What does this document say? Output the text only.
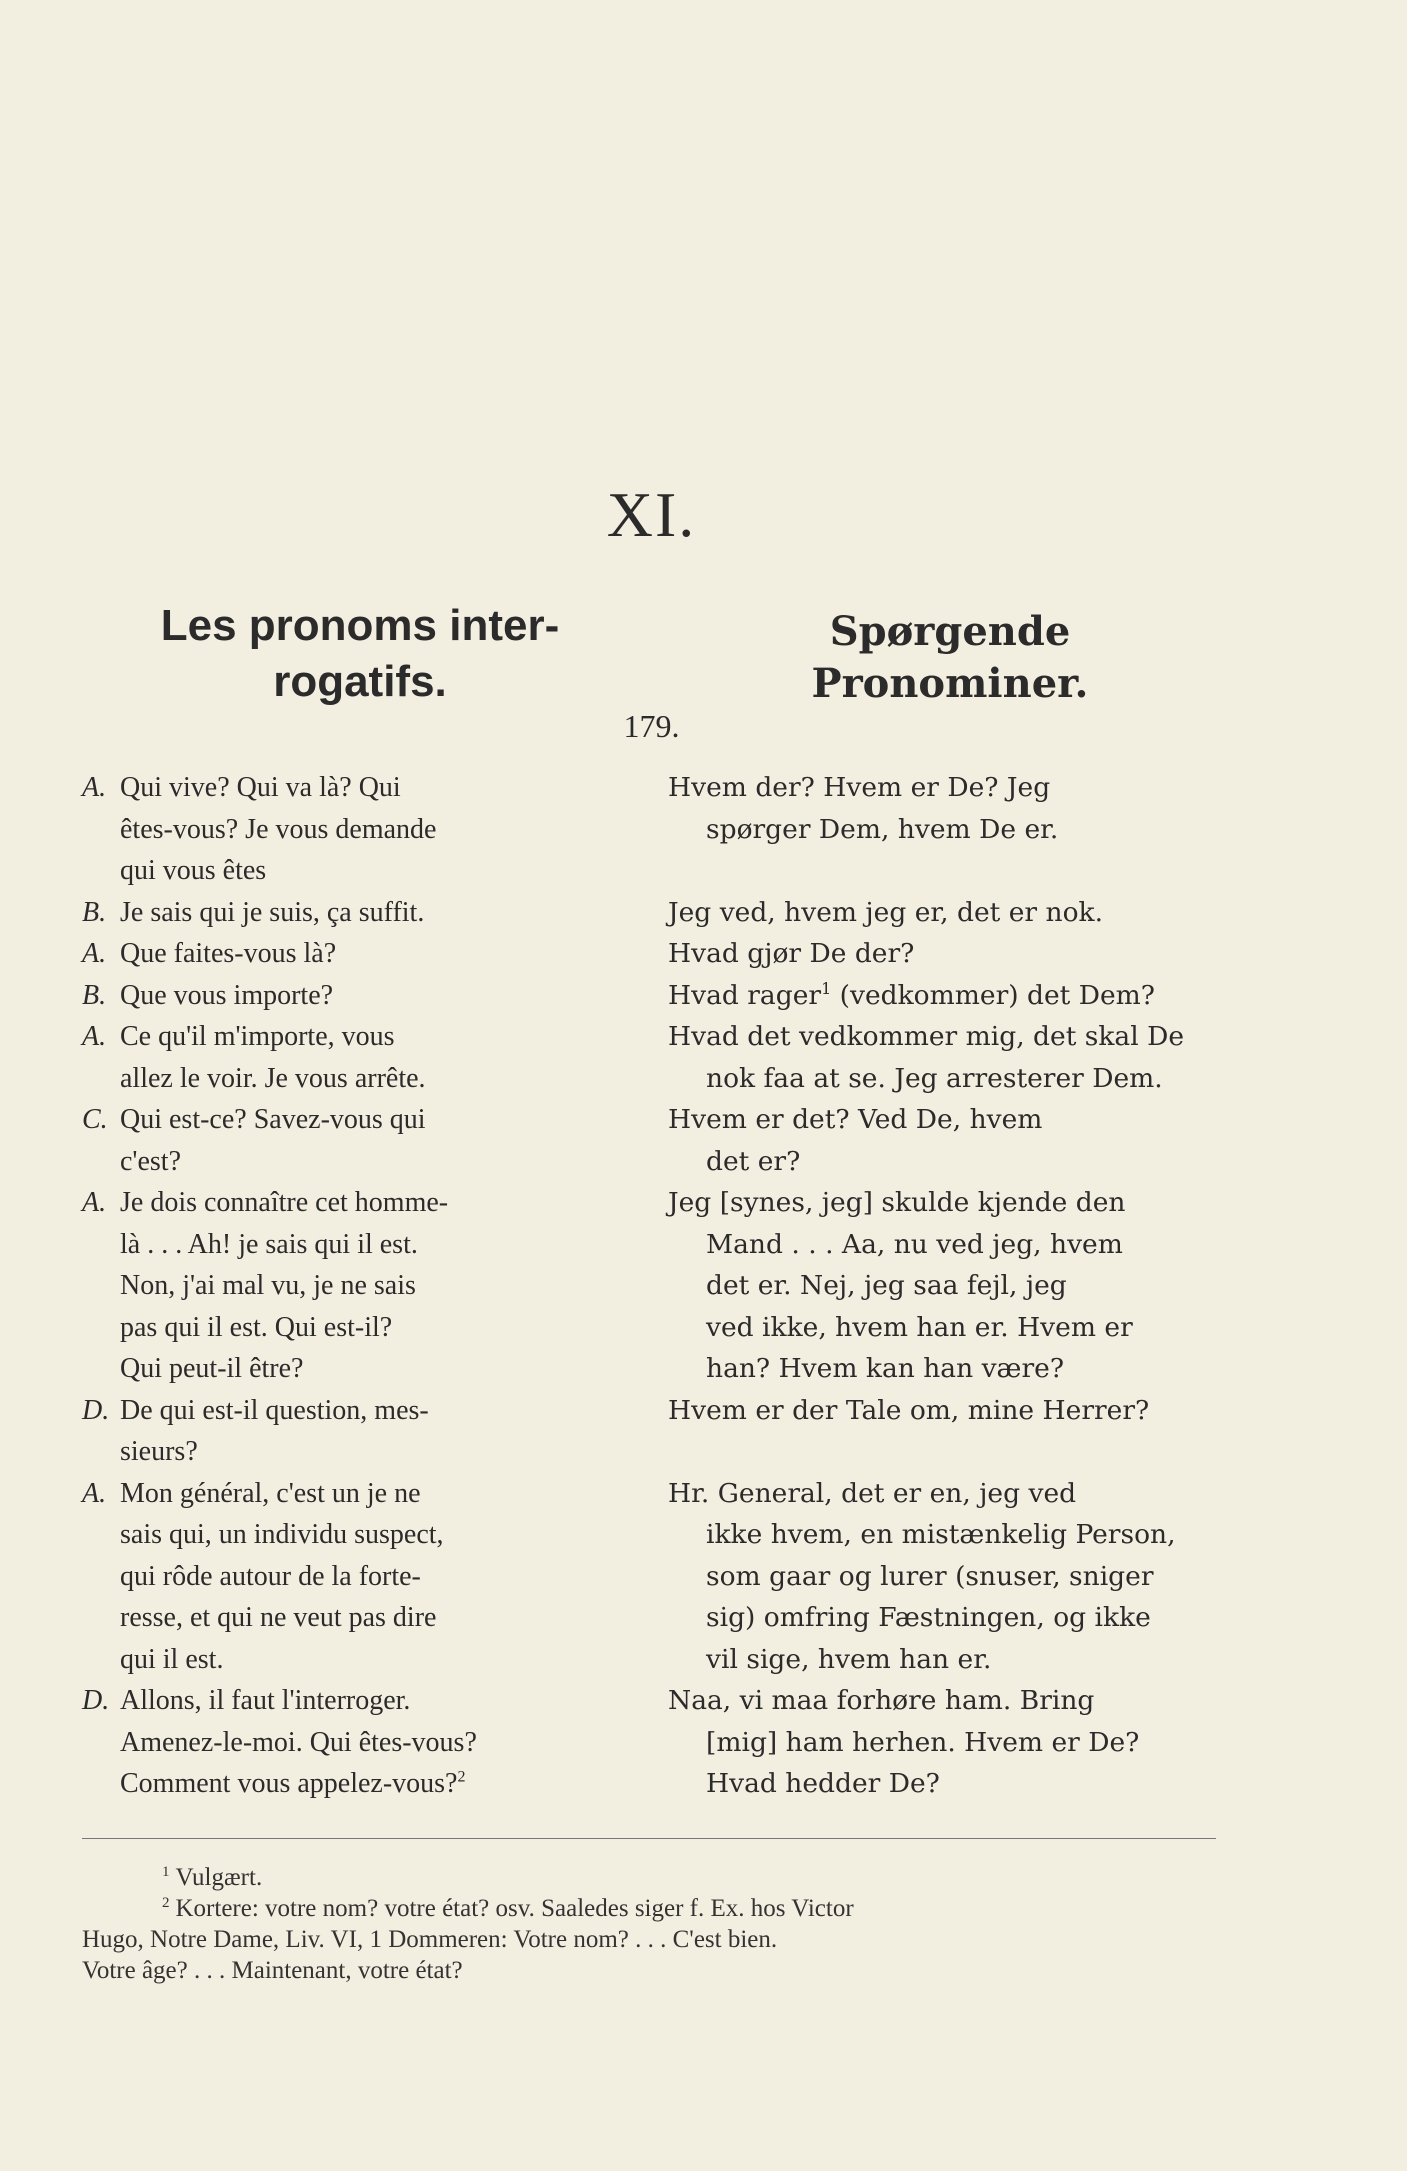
XI.
Les pronoms inter-
rogatifs.
Spørgende Pronominer.
179.
A. Qui vive? Qui va là? Qui
êtes-vous? Je vous demande
qui vous êtes
B. Je sais qui je suis, ça suffit.
A. Que faites-vous là?
B. Que vous importe?
A. Ce qu'il m'importe, vous
allez le voir. Je vous arrête.
C. Qui est-ce? Savez-vous qui
c'est?
A. Je dois connaître cet homme-
là . . . Ah! je sais qui il est.
Non, j'ai mal vu, je ne sais
pas qui il est. Qui est-il?
Qui peut-il être?
D. De qui est-il question, mes-
sieurs?
A. Mon général, c'est un je ne
sais qui, un individu suspect,
qui rôde autour de la forte-
resse, et qui ne veut pas dire
qui il est.
D. Allons, il faut l'interroger.
Amenez-le-moi. Qui êtes-vous?
Comment vous appelez-vous?$^2$
Hvem der? Hvem er De? Jeg
spørger Dem, hvem De er.
Jeg ved, hvem jeg er, det er nok.
Hvad gjør De der?
Hvad rager$^1$ (vedkommer) det Dem?
Hvad det vedkommer mig, det skal De
nok faa at se. Jeg arresterer Dem.
Hvem er det? Ved De, hvem
det er?
Jeg [synes, jeg] skulde kjende den
Mand . . . Aa, nu ved jeg, hvem
det er. Nej, jeg saa fejl, jeg
ved ikke, hvem han er. Hvem er
han? Hvem kan han være?
Hvem er der Tale om, mine Herrer?
Hr. General, det er en, jeg ved
ikke hvem, en mistænkelig Person,
som gaar og lurer (snuser, sniger
sig) omfring Fæstningen, og ikke
vil sige, hvem han er.
Naa, vi maa forhøre ham. Bring
[mig] ham herhen. Hvem er De?
Hvad hedder De?
$^1$ Vulgært.
$^2$ Kortere: votre nom? votre état? osv. Saaledes siger f. Ex. hos Victor
Hugo, Notre Dame, Liv. VI, 1 Dommeren: Votre nom? . . . C'est bien.
Votre âge? . . . Maintenant, votre état?
